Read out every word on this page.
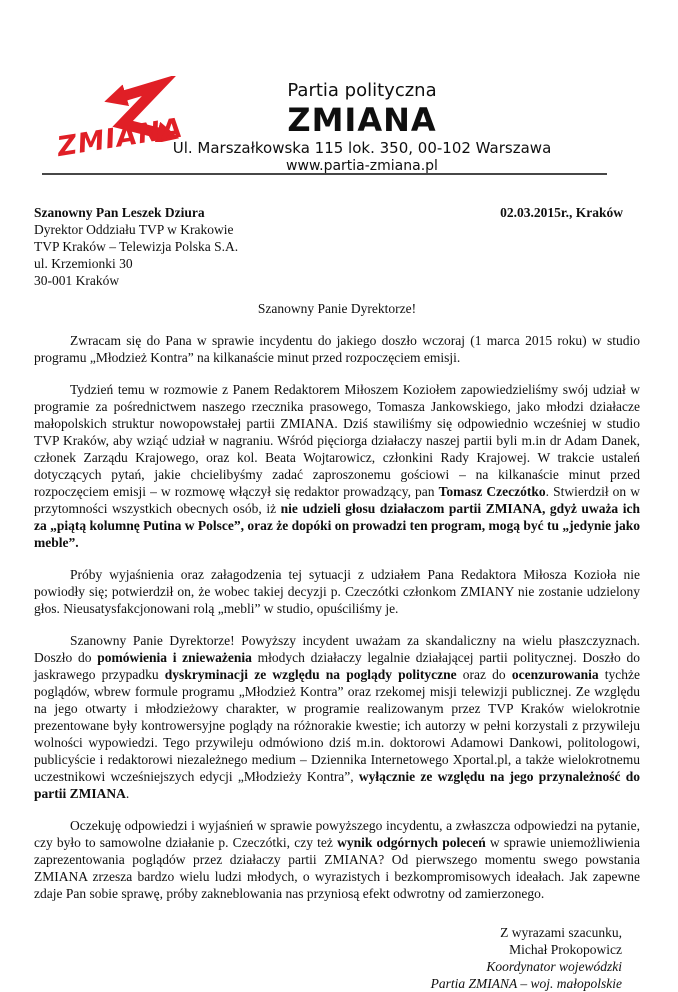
ZMIANA
Partia polityczna
ZMIANA
Ul. Marszałkowska 115 lok. 350, 00-102 Warszawa
www.partia-zmiana.pl
Szanowny Pan Leszek Dziura
Dyrektor Oddziału TVP w Krakowie
TVP Kraków – Telewizja Polska S.A.
ul. Krzemionki 30
30-001 Kraków
02.03.2015r., Kraków
Szanowny Panie Dyrektorze!

Zwracam się do Pana w sprawie incydentu do jakiego doszło wczoraj (1 marca 2015 roku) w studio programu „Młodzież Kontra” na kilkanaście minut przed rozpoczęciem emisji.

Tydzień temu w rozmowie z Panem Redaktorem Miłoszem Koziołem zapowiedzieliśmy swój udział w programie za pośrednictwem naszego rzecznika prasowego, Tomasza Jankowskiego, jako młodzi działacze małopolskich struktur nowopowstałej partii ZMIANA. Dziś stawiliśmy się odpowiednio wcześniej w studio TVP Kraków, aby wziąć udział w nagraniu. Wśród pięciorga działaczy naszej partii byli m.in dr Adam Danek, członek Zarządu Krajowego, oraz kol. Beata Wojtarowicz, członkini Rady Krajowej. W trakcie ustaleń dotyczących pytań, jakie chcielibyśmy zadać zaproszonemu gościowi – na kilkanaście minut przed rozpoczęciem emisji – w rozmowę włączył się redaktor prowadzący, pan Tomasz Czeczótko. Stwierdził on w przytomności wszystkich obecnych osób, iż nie udzieli głosu działaczom partii ZMIANA, gdyż uważa ich za „piątą kolumnę Putina w Polsce”, oraz że dopóki on prowadzi ten program, mogą być tu „jedynie jako meble”.

Próby wyjaśnienia oraz załagodzenia tej sytuacji z udziałem Pana Redaktora Miłosza Kozioła nie powiodły się; potwierdził on, że wobec takiej decyzji p. Czeczótki członkom ZMIANY nie zostanie udzielony głos. Nieusatysfakcjonowani rolą „mebli” w studio, opuściliśmy je.

Szanowny Panie Dyrektorze! Powyższy incydent uważam za skandaliczny na wielu płaszczyznach. Doszło do pomówienia i znieważenia młodych działaczy legalnie działającej partii politycznej. Doszło do jaskrawego przypadku dyskryminacji ze względu na poglądy polityczne oraz do ocenzurowania tychże poglądów, wbrew formule programu „Młodzież Kontra” oraz rzekomej misji telewizji publicznej. Ze względu na jego otwarty i młodzieżowy charakter, w programie realizowanym przez TVP Kraków wielokrotnie prezentowane były kontrowersyjne poglądy na różnorakie kwestie; ich autorzy w pełni korzystali z przywileju wolności wypowiedzi. Tego przywileju odmówiono dziś m.in. doktorowi Adamowi Dankowi, politologowi, publicyście i redaktorowi niezależnego medium – Dziennika Internetowego Xportal.pl, a także wielokrotnemu uczestnikowi wcześniejszych edycji „Młodzieży Kontra”, wyłącznie ze względu na jego przynależność do partii ZMIANA.

Oczekuję odpowiedzi i wyjaśnień w sprawie powyższego incydentu, a zwłaszcza odpowiedzi na pytanie, czy było to samowolne działanie p. Czeczótki, czy też wynik odgórnych poleceń w sprawie uniemożliwienia zaprezentowania poglądów przez działaczy partii ZMIANA? Od pierwszego momentu swego powstania ZMIANA zrzesza bardzo wielu ludzi młodych, o wyrazistych i bezkompromisowych ideałach. Jak zapewne zdaje Pan sobie sprawę, próby zakneblowania nas przyniosą efekt odwrotny od zamierzonego.

Z wyrazami szacunku,
Michał Prokopowicz
Koordynator wojewódzki
Partia ZMIANA – woj. małopolskie
